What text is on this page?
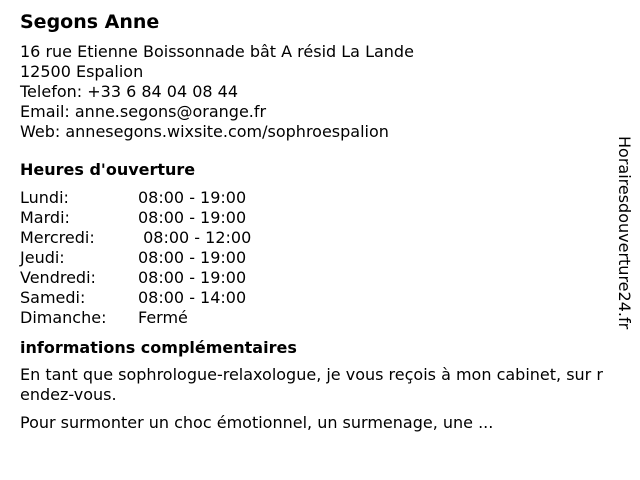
Segons Anne
16 rue Etienne Boissonnade bât A résid La Lande
12500 Espalion
Telefon: +33 6 84 04 08 44
Email: anne.segons@orange.fr
Web: annesegons.wixsite.com/sophroespalion
Heures d'ouverture
Lundi:	08:00 - 19:00
Mardi:	08:00 - 19:00
Mercredi:	08:00 - 12:00
Jeudi:	08:00 - 19:00
Vendredi:	08:00 - 19:00
Samedi:	08:00 - 14:00
Dimanche:	Fermé
informations complémentaires
En tant que sophrologue-relaxologue, je vous reçois à mon cabinet, sur rendez-vous.
Pour surmonter un choc émotionnel, un surmenage, une ...
Horairesdouverture24.fr
